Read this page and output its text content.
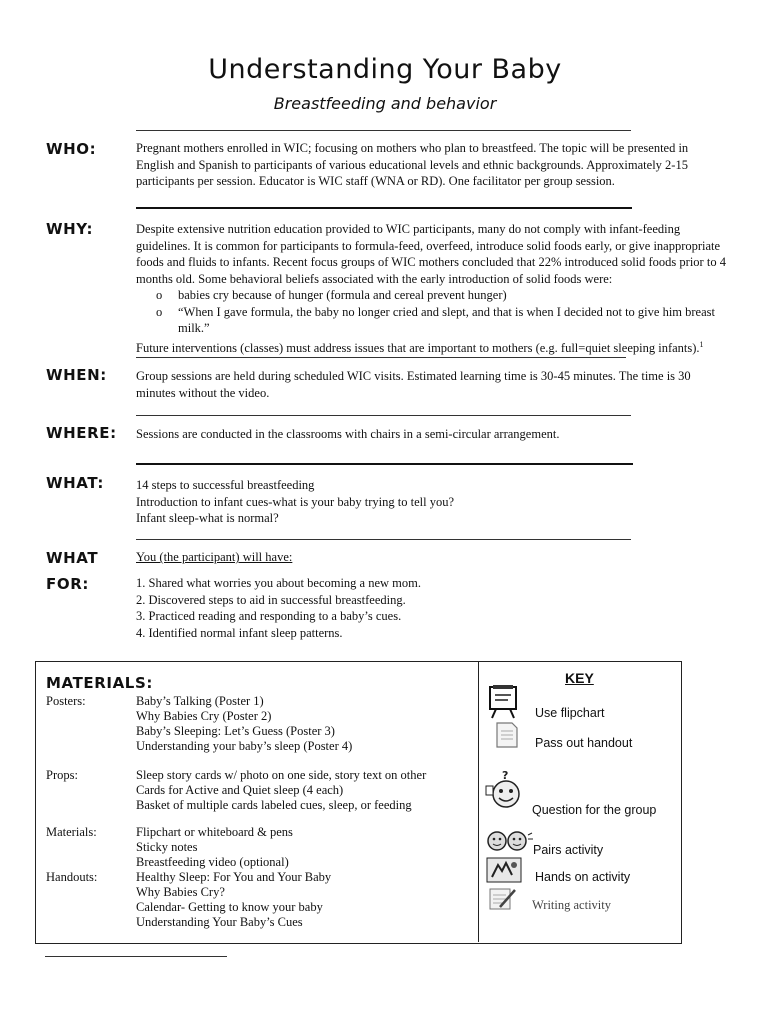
Understanding Your Baby
Breastfeeding and behavior
WHO:	Pregnant mothers enrolled in WIC; focusing on mothers who plan to breastfeed. The topic will be presented in English and Spanish to participants of various educational levels and ethnic backgrounds. Approximately 2-15 participants per session. Educator is WIC staff (WNA or RD). One facilitator per group session.
WHY:	Despite extensive nutrition education provided to WIC participants, many do not comply with infant-feeding guidelines. It is common for participants to formula-feed, overfeed, introduce solid foods early, or give inappropriate foods and fluids to infants. Recent focus groups of WIC mothers concluded that 22% introduced solid foods prior to 4 months old. Some behavioral beliefs associated with the early introduction of solid foods were:
o babies cry because of hunger (formula and cereal prevent hunger)
o “When I gave formula, the baby no longer cried and slept, and that is when I decided not to give him breast milk.”
Future interventions (classes) must address issues that are important to mothers (e.g. full=quiet sleeping infants).$^1$
WHEN: Group sessions are held during scheduled WIC visits. Estimated learning time is 30-45 minutes. The time is 30 minutes without the video.
WHERE: Sessions are conducted in the classrooms with chairs in a semi-circular arrangement.
WHAT:	14 steps to successful breastfeeding
Introduction to infant cues-what is your baby trying to tell you?
Infant sleep-what is normal?
WHAT
FOR:
You (the participant) will have:
1. Shared what worries you about becoming a new mom.
2. Discovered steps to aid in successful breastfeeding.
3. Practiced reading and responding to a baby’s cues.
4. Identified normal infant sleep patterns.
MATERIALS:
Posters:	Baby’s Talking (Poster 1)
Why Babies Cry (Poster 2)
Baby’s Sleeping: Let’s Guess (Poster 3)
Understanding your baby’s sleep (Poster 4)
Props:	Sleep story cards w/ photo on one side, story text on other
Cards for Active and Quiet sleep (4 each)
Basket of multiple cards labeled cues, sleep, or feeding
Materials:	Flipchart or whiteboard & pens
Sticky notes
Breastfeeding video (optional)
Handouts:	Healthy Sleep: For You and Your Baby
Why Babies Cry?
Calendar- Getting to know your baby
Understanding Your Baby’s Cues
KEY
Use flipchart
Pass out handout
?
Question for the group
Pairs activity
Hands on activity
Writing activity
